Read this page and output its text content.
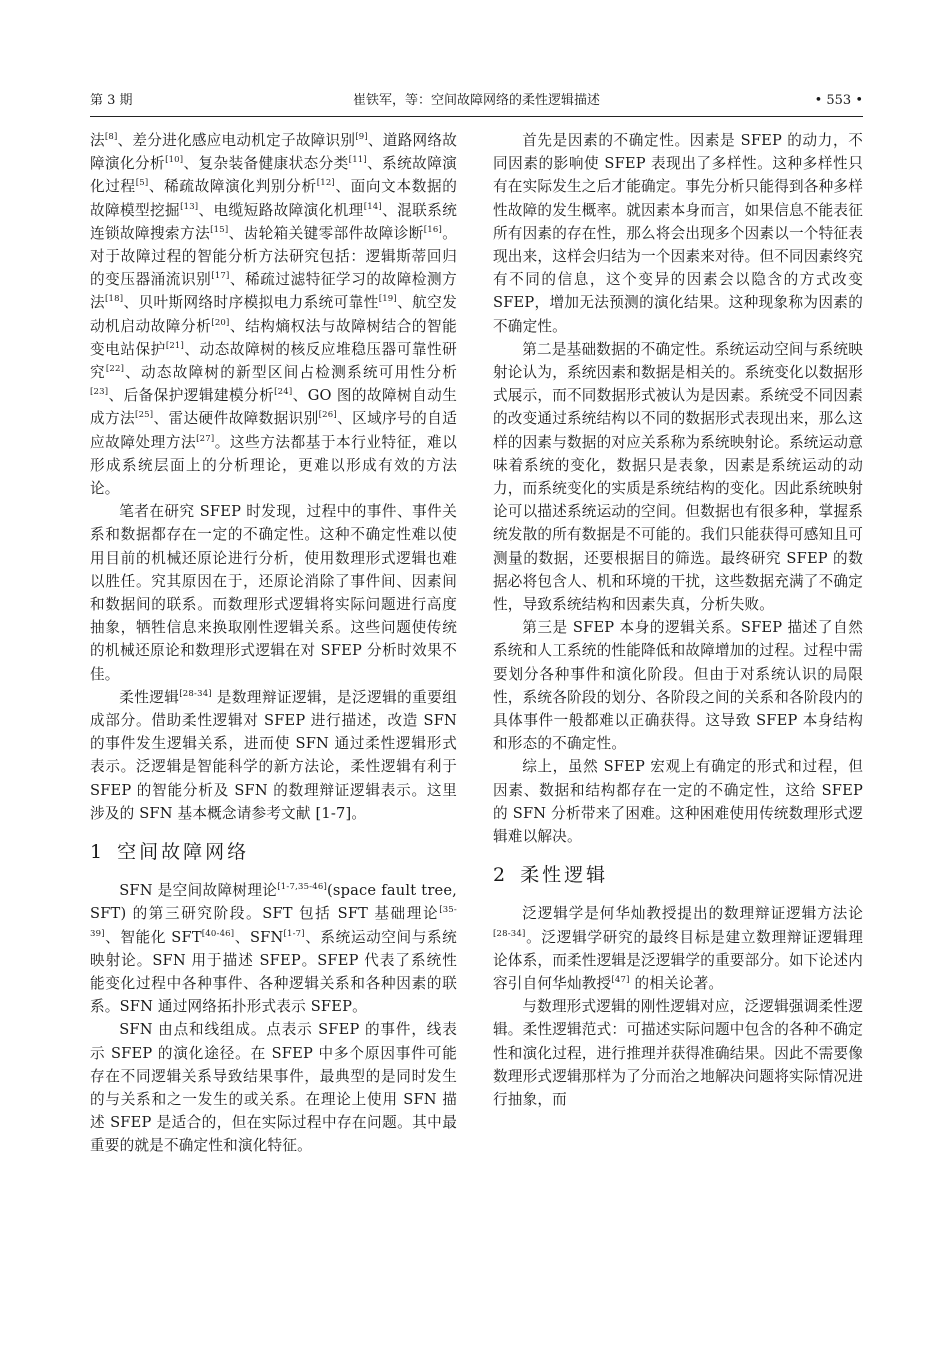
第 3 期	崔铁军，等：空间故障网络的柔性逻辑描述	• 553 •

法[8]、差分进化感应电动机定子故障识别[9]、道路网络故障演化分析[10]、复杂装备健康状态分类[11]、系统故障演化过程[5]、稀疏故障演化判别分析[12]、面向文本数据的故障模型挖掘[13]、电缆短路故障演化机理[14]、混联系统连锁故障搜索方法[15]、齿轮箱关键零部件故障诊断[16]。对于故障过程的智能分析方法研究包括：逻辑斯蒂回归的变压器涌流识别[17]、稀疏过滤特征学习的故障检测方法[18]、贝叶斯网络时序模拟电力系统可靠性[19]、航空发动机启动故障分析[20]、结构熵权法与故障树结合的智能变电站保护[21]、动态故障树的核反应堆稳压器可靠性研究[22]、动态故障树的新型区间占检测系统可用性分析[23]、后备保护逻辑建模分析[24]、GO 图的故障树自动生成方法[25]、雷达硬件故障数据识别[26]、区域序号的自适应故障处理方法[27]。这些方法都基于本行业特征，难以形成系统层面上的分析理论，更难以形成有效的方法论。

笔者在研究 SFEP 时发现，过程中的事件、事件关系和数据都存在一定的不确定性。这种不确定性难以使用目前的机械还原论进行分析，使用数理形式逻辑也难以胜任。究其原因在于，还原论消除了事件间、因素间和数据间的联系。而数理形式逻辑将实际问题进行高度抽象，牺牲信息来换取刚性逻辑关系。这些问题使传统的机械还原论和数理形式逻辑在对 SFEP 分析时效果不佳。

柔性逻辑[28-34] 是数理辩证逻辑，是泛逻辑的重要组成部分。借助柔性逻辑对 SFEP 进行描述，改造 SFN 的事件发生逻辑关系，进而使 SFN 通过柔性逻辑形式表示。泛逻辑是智能科学的新方法论，柔性逻辑有利于 SFEP 的智能分析及 SFN 的数理辩证逻辑表示。这里涉及的 SFN 基本概念请参考文献 [1-7]。

1 空间故障网络

SFN 是空间故障树理论[1-7,35-46](space fault tree, SFT) 的第三研究阶段。SFT 包括 SFT 基础理论[35-39]、智能化 SFT[40-46]、SFN[1-7]、系统运动空间与系统映射论。SFN 用于描述 SFEP。SFEP 代表了系统性能变化过程中各种事件、各种逻辑关系和各种因素的联系。SFN 通过网络拓扑形式表示 SFEP。

SFN 由点和线组成。点表示 SFEP 的事件，线表示 SFEP 的演化途径。在 SFEP 中多个原因事件可能存在不同逻辑关系导致结果事件，最典型的是同时发生的与关系和之一发生的或关系。在理论上使用 SFN 描述 SFEP 是适合的，但在实际过程中存在问题。其中最重要的就是不确定性和演化特征。

首先是因素的不确定性。因素是 SFEP 的动力，不同因素的影响使 SFEP 表现出了多样性。这种多样性只有在实际发生之后才能确定。事先分析只能得到各种多样性故障的发生概率。就因素本身而言，如果信息不能表征所有因素的存在性，那么将会出现多个因素以一个特征表现出来，这样会归结为一个因素来对待。但不同因素终究有不同的信息，这个变异的因素会以隐含的方式改变 SFEP，增加无法预测的演化结果。这种现象称为因素的不确定性。

第二是基础数据的不确定性。系统运动空间与系统映射论认为，系统因素和数据是相关的。系统变化以数据形式展示，而不同数据形式被认为是因素。系统受不同因素的改变通过系统结构以不同的数据形式表现出来，那么这样的因素与数据的对应关系称为系统映射论。系统运动意味着系统的变化，数据只是表象，因素是系统运动的动力，而系统变化的实质是系统结构的变化。因此系统映射论可以描述系统运动的空间。但数据也有很多种，掌握系统发散的所有数据是不可能的。我们只能获得可感知且可测量的数据，还要根据目的筛选。最终研究 SFEP 的数据必将包含人、机和环境的干扰，这些数据充满了不确定性，导致系统结构和因素失真，分析失败。

第三是 SFEP 本身的逻辑关系。SFEP 描述了自然系统和人工系统的性能降低和故障增加的过程。过程中需要划分各种事件和演化阶段。但由于对系统认识的局限性，系统各阶段的划分、各阶段之间的关系和各阶段内的具体事件一般都难以正确获得。这导致 SFEP 本身结构和形态的不确定性。

综上，虽然 SFEP 宏观上有确定的形式和过程，但因素、数据和结构都存在一定的不确定性，这给 SFEP 的 SFN 分析带来了困难。这种困难使用传统数理形式逻辑难以解决。

2 柔性逻辑

泛逻辑学是何华灿教授提出的数理辩证逻辑方法论[28-34]。泛逻辑学研究的最终目标是建立数理辩证逻辑理论体系，而柔性逻辑是泛逻辑学的重要部分。如下论述内容引自何华灿教授[47] 的相关论著。

与数理形式逻辑的刚性逻辑对应，泛逻辑强调柔性逻辑。柔性逻辑范式：可描述实际问题中包含的各种不确定性和演化过程，进行推理并获得准确结果。因此不需要像数理形式逻辑那样为了分而治之地解决问题将实际情况进行抽象，而
